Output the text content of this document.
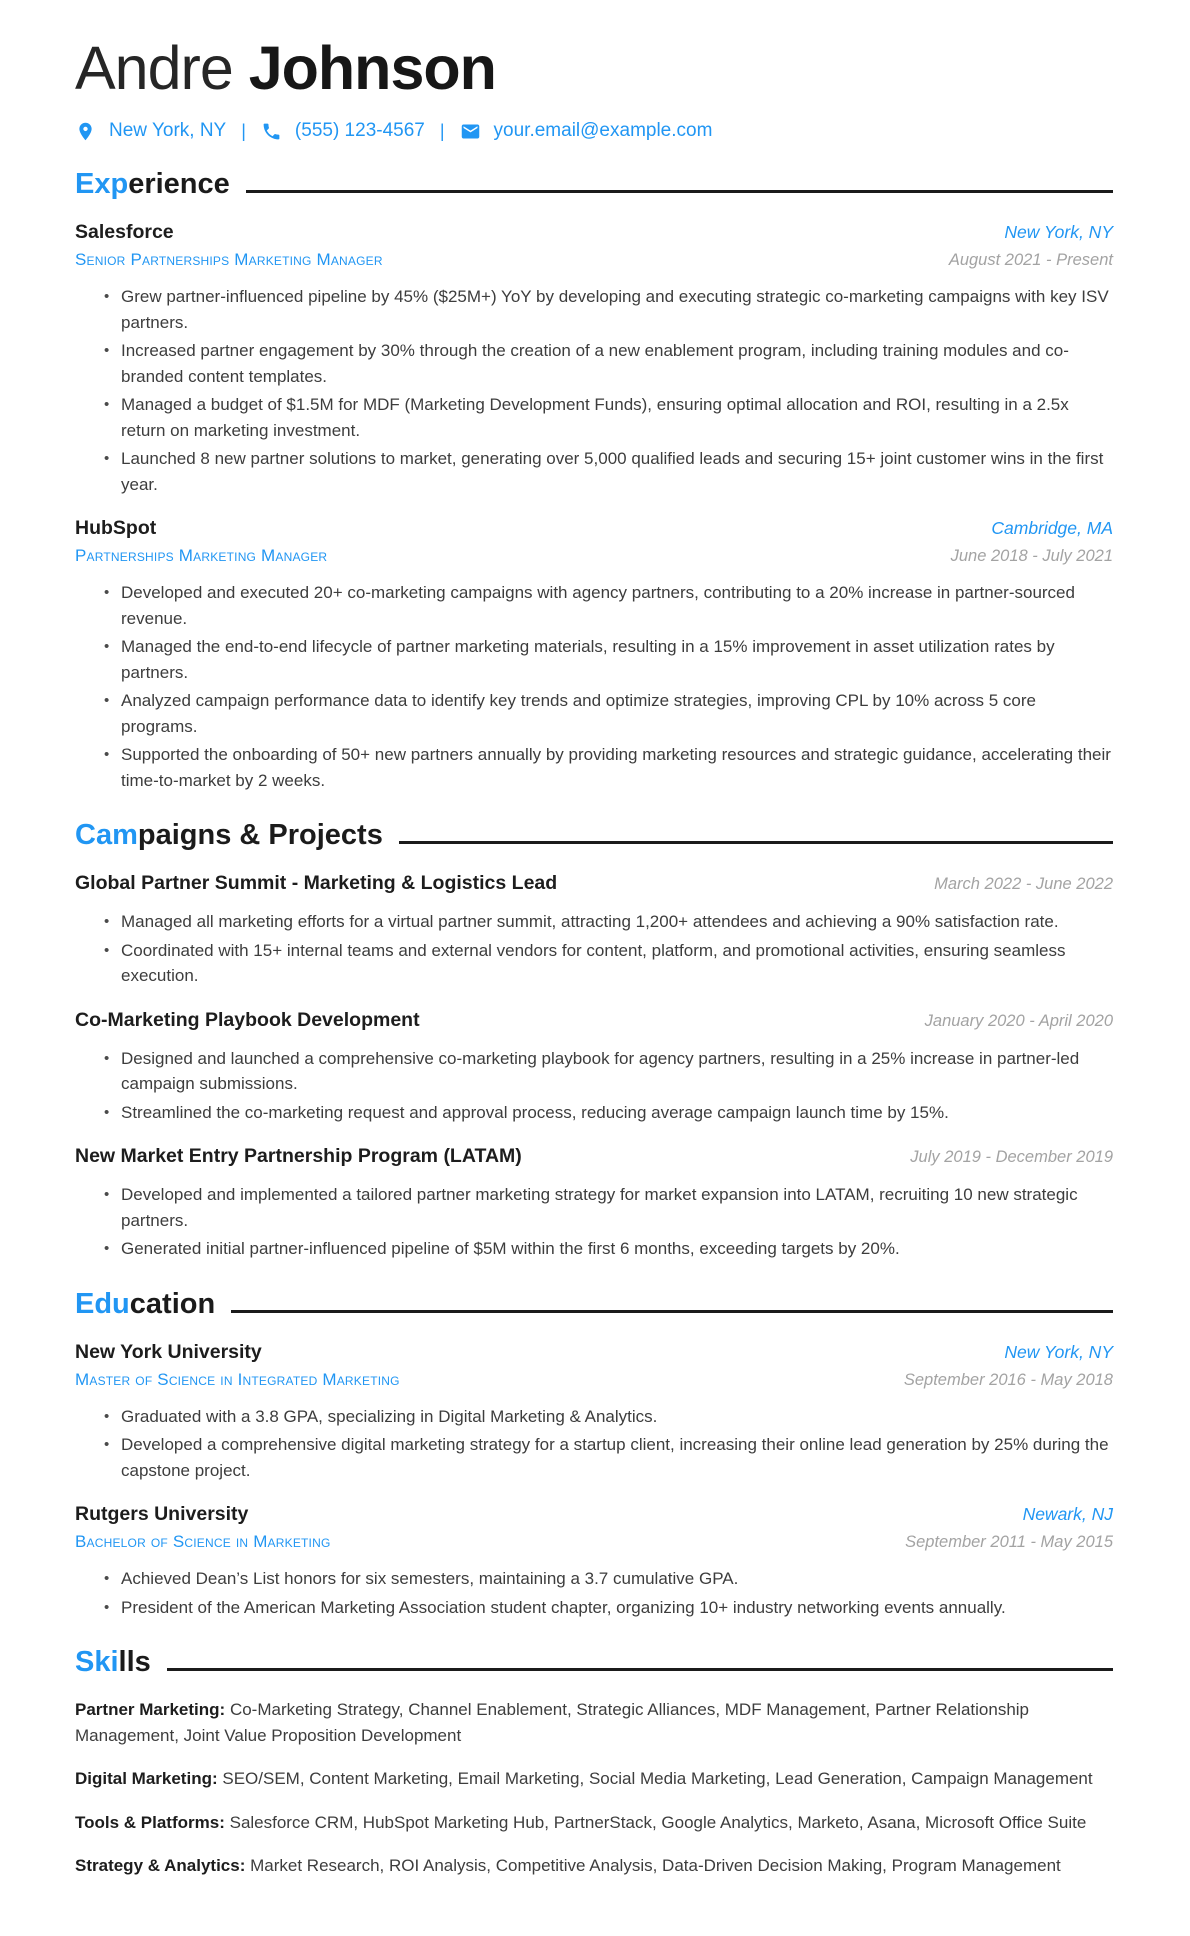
Andre Johnson
New York, NY |	(555) 123-4567 |	your.email@example.com
Experience
Salesforce	New York, NY
Senior Partnerships Marketing Manager	August 2021 - Present
• Grew partner-influenced pipeline by 45% ($25M+) YoY by developing and executing strategic co-marketing campaigns with key ISV partners.
• Increased partner engagement by 30% through the creation of a new enablement program, including training modules and co-branded content templates.
• Managed a budget of $1.5M for MDF (Marketing Development Funds), ensuring optimal allocation and ROI, resulting in a 2.5x return on marketing investment.
• Launched 8 new partner solutions to market, generating over 5,000 qualified leads and securing 15+ joint customer wins in the first year.
HubSpot	Cambridge, MA
Partnerships Marketing Manager	June 2018 - July 2021
• Developed and executed 20+ co-marketing campaigns with agency partners, contributing to a 20% increase in partner-sourced revenue.
• Managed the end-to-end lifecycle of partner marketing materials, resulting in a 15% improvement in asset utilization rates by partners.
• Analyzed campaign performance data to identify key trends and optimize strategies, improving CPL by 10% across 5 core programs.
• Supported the onboarding of 50+ new partners annually by providing marketing resources and strategic guidance, accelerating their time-to-market by 2 weeks.
Campaigns & Projects
Global Partner Summit - Marketing & Logistics Lead	March 2022 - June 2022
• Managed all marketing efforts for a virtual partner summit, attracting 1,200+ attendees and achieving a 90% satisfaction rate.
• Coordinated with 15+ internal teams and external vendors for content, platform, and promotional activities, ensuring seamless execution.
Co-Marketing Playbook Development	January 2020 - April 2020
• Designed and launched a comprehensive co-marketing playbook for agency partners, resulting in a 25% increase in partner-led campaign submissions.
• Streamlined the co-marketing request and approval process, reducing average campaign launch time by 15%.
New Market Entry Partnership Program (LATAM)	July 2019 - December 2019
• Developed and implemented a tailored partner marketing strategy for market expansion into LATAM, recruiting 10 new strategic partners.
• Generated initial partner-influenced pipeline of $5M within the first 6 months, exceeding targets by 20%.
Education
New York University	New York, NY
Master of Science in Integrated Marketing	September 2016 - May 2018
• Graduated with a 3.8 GPA, specializing in Digital Marketing & Analytics.
• Developed a comprehensive digital marketing strategy for a startup client, increasing their online lead generation by 25% during the capstone project.
Rutgers University	Newark, NJ
Bachelor of Science in Marketing	September 2011 - May 2015
• Achieved Dean’s List honors for six semesters, maintaining a 3.7 cumulative GPA.
• President of the American Marketing Association student chapter, organizing 10+ industry networking events annually.
Skills

Partner Marketing: Co-Marketing Strategy, Channel Enablement, Strategic Alliances, MDF Management, Partner Relationship Management, Joint Value Proposition Development

Digital Marketing: SEO/SEM, Content Marketing, Email Marketing, Social Media Marketing, Lead Generation, Campaign Management

Tools & Platforms: Salesforce CRM, HubSpot Marketing Hub, PartnerStack, Google Analytics, Marketo, Asana, Microsoft Office Suite

Strategy & Analytics: Market Research, ROI Analysis, Competitive Analysis, Data-Driven Decision Making, Program Management
